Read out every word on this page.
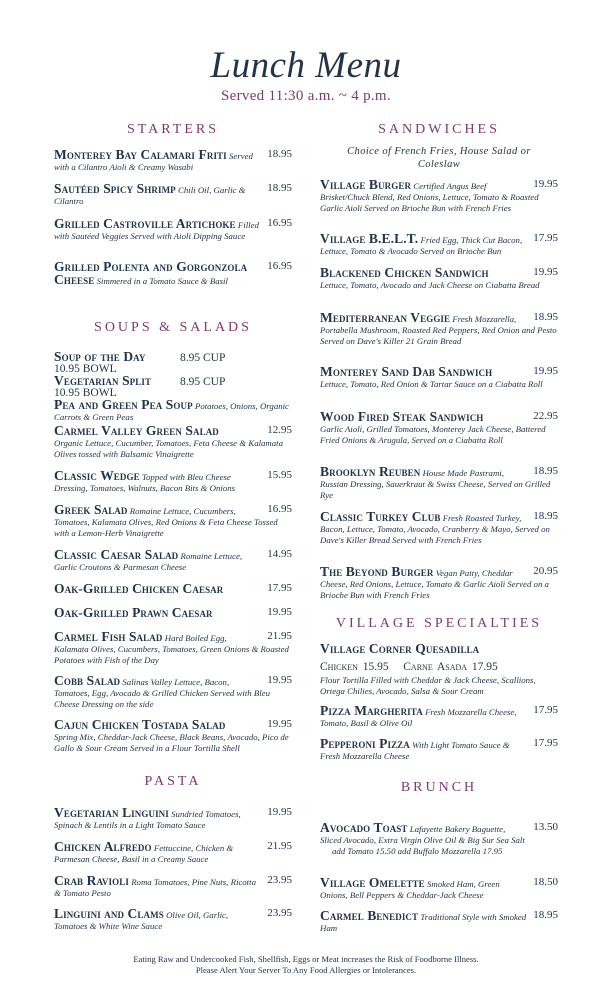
Lunch Menu
Served 11:30 a.m. ~ 4 p.m.
STARTERS
18.95
Monterey Bay Calamari Friti Served with a Cilantro Aioli & Creamy Wasabi
18.95
Sautéed Spicy Shrimp Chili Oil, Garlic & Cilantro
16.95
Grilled Castroville Artichoke Filled with Sautéed Veggies Served with Aioli Dipping Sauce
16.95
Grilled Polenta and Gorgonzola Cheese Simmered in a Tomato Sauce & Basil
SOUPS & SALADS
Soup of the Day	8.95 CUP10.95 BOWL
Vegetarian Split	8.95 CUP10.95 BOWL
Pea and Green Pea Soup Potatoes, Onions, Organic Carrots & Green Peas
12.95
Carmel Valley Green Salad
Organic Lettuce, Cucumber, Tomatoes, Feta Cheese & Kalamata Olives tossed with Balsamic Vinaigrette
15.95
Classic Wedge Topped with Bleu Cheese Dressing, Tomatoes, Walnuts, Bacon Bits & Onions
16.95
Greek Salad Romaine Lettuce, Cucumbers, Tomatoes, Kalamata Olives, Red Onions & Feta Cheese Tossed with a Lemon-Herb Vinaigrette
14.95
Classic Caesar Salad Romaine Lettuce, Garlic Croutons & Parmesan Cheese
17.95
Oak-Grilled Chicken Caesar
19.95
Oak-Grilled Prawn Caesar
21.95
Carmel Fish Salad Hard Boiled Egg, Kalamata Olives, Cucumbers, Tomatoes, Green Onions & Roasted Potatoes with Fish of the Day
19.95
Cobb Salad Salinas Valley Lettuce, Bacon, Tomatoes, Egg, Avocado & Grilled Chicken Served with Bleu Cheese Dressing on the side
19.95
Cajun Chicken Tostada Salad
Spring Mix, Cheddar-Jack Cheese, Black Beans, Avocado, Pico de Gallo & Sour Cream Served in a Flour Tortilla Shell
PASTA
19.95
Vegetarian Linguini Sundried Tomatoes, Spinach & Lentils in a Light Tomato Sauce
21.95
Chicken Alfredo Fettuccine, Chicken & Parmesan Cheese, Basil in a Creamy Sauce
23.95
Crab Ravioli Roma Tomatoes, Pine Nuts, Ricotta & Tomato Pesto
23.95
Linguini and Clams Olive Oil, Garlic, Tomatoes & White Wine Sauce
SANDWICHES
Choice of French Fries, House Salad or Coleslaw
19.95
Village Burger Certified Angus Beef Brisket/Chuck Blend, Red Onions, Lettuce, Tomato & Roasted Garlic Aioli Served on Brioche Bun with French Fries
17.95
Village B.E.L.T. Fried Egg, Thick Cut Bacon, Lettuce, Tomato & Avocado Served on Brioche Bun
19.95
Blackened Chicken Sandwich
Lettuce, Tomato, Avocado and Jack Cheese on Ciabatta Bread
18.95
Mediterranean Veggie Fresh Mozzarella, Portabella Mushroom, Roasted Red Peppers, Red Onion and Pesto Served on Dave's Killer 21 Grain Bread
19.95
Monterey Sand Dab Sandwich
Lettuce, Tomato, Red Onion & Tartar Sauce on a Ciabatta Roll
22.95
Wood Fired Steak Sandwich
Garlic Aioli, Grilled Tomatoes, Monterey Jack Cheese, Battered Fried Onions & Arugula, Served on a Ciabatta Roll
18.95
Brooklyn Reuben House Made Pastrami, Russian Dressing, Sauerkraut & Swiss Cheese, Served on Grilled Rye
18.95
Classic Turkey Club Fresh Roasted Turkey, Bacon, Lettuce, Tomato, Avocado, Cranberry & Mayo, Served on Dave's Killer Bread Served with French Fries
20.95
The Beyond Burger Vegan Patty, Cheddar Cheese, Red Onions, Lettuce, Tomato & Garlic Aioli Served on a Brioche Bun with French Fries
VILLAGE SPECIALTIES
Village Corner Quesadilla
Chicken 15.95   Carne Asada 17.95
Flour Tortilla Filled with Cheddar & Jack Cheese, Scallions, Ortega Chilies, Avocado, Salsa & Sour Cream
17.95
Pizza Margherita Fresh Mozzarella Cheese, Tomato, Basil & Olive Oil
17.95
Pepperoni Pizza With Light Tomato Sauce & Fresh Mozzarella Cheese
BRUNCH
13.50
Avocado Toast Lafayette Bakery Baguette, Sliced Avocado, Extra Virgin Olive Oil & Big Sur Sea Salt
add Tomato 15.50 add Buffalo Mozzarella 17.95
18.50
Village Omelette Smoked Ham, Green Onions, Bell Peppers & Cheddar-Jack Cheese
18.95
Carmel Benedict Traditional Style with Smoked Ham
Eating Raw and Undercooked Fish, Shellfish, Eggs or Meat increases the Risk of Foodborne Illness.
Please Alert Your Server To Any Food Allergies or Intolerances.
